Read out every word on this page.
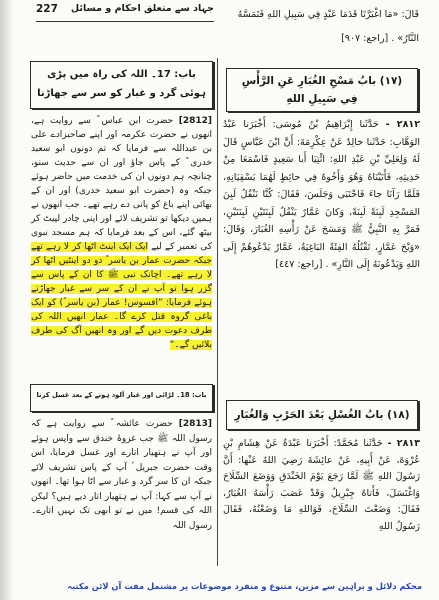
227	جہاد سے متعلق احکام و مسائل
قَالَ: «مَا اغْبَرَّتَا قَدَمَا عَبْدٍ فِي سَبِيلِ اللهِ فَتَمَسَّهُ
النَّارُ» . [راجع: ٩٠٧]
باب: 17۔ اللہ کی راہ میں پڑی ہوئی گرد و غبار کو سر سے جھاڑنا
[2812] حضرت ابن عباس ؓ سے روایت ہے، انھوں نے حضرت عکرمہ اور اپنے صاحبزادے علی بن عبداللہ سے فرمایا کہ تم دونوں ابو سعید خدری ؓ کے پاس جاؤ اور ان سے حدیث سنو، چنانچہ ہم دونوں ان کی خدمت میں حاضر ہوئے جبکہ وہ (حضرت ابو سعید خدری) اور ان کے بھائی اپنے باغ کو پانی دے رہے تھے۔ جب انھوں نے ہمیں دیکھا تو تشریف لائے اور اپنی چادر لپیٹ کر بیٹھ گئے، اس کے بعد فرمایا کہ ہم مسجد نبوی کی تعمیر کے لیے ایک ایک اینٹ اٹھا کر لا رہے تھے جبکہ حضرت عمار بن یاسر ؓ دو دو اینٹیں اٹھا کر لا رہے تھے۔ اچانک نبی ﷺ کا ان کے پاس سے گزر ہوا تو آپ نے ان کے سر سے غبار جھاڑتے ہوئے فرمایا: ”افسوس! عمار (بن یاسر ؓ) کو ایک باغی گروہ قتل کرے گا۔ عمار انھیں اللہ کی طرف دعوت دیں گے اور وہ انھیں آگ کی طرف بلائیں گے۔“
باب: 18۔ لڑائی اور غبار آلود ہونے کے بعد غسل کرنا
[2813] حضرت عائشہ ؓ سے روایت ہے کہ رسول اللہ ﷺ جب غزوۂ خندق سے واپس ہوئے اور آپ نے ہتھیار اتارے اور غسل فرمایا، اس وقت حضرت جبریل ؑ آپ کے پاس تشریف لائے جبکہ ان کا سر گرد و غبار سے اٹا ہوا تھا۔ انھوں نے آپ سے کہا: آپ نے ہتھیار اتار دیے ہیں؟ لیکن اللہ کی قسم! میں نے تو ابھی تک نہیں اتارے۔ رسول اللہ
(١٧) بابُ مَسْحِ الغُبَارِ عَنِ الرَّأْسِ فِي سَبِيلِ اللهِ
٢٨١٢ - حَدَّثَنا إِبْرَاهِيمُ بْنُ مُوسَى: أَخْبَرَنا عَبْدُ الوَهَّابِ: حَدَّثَنا خالِدٌ عَنْ عِكْرِمَةَ: أَنَّ ابْنَ عَبَّاسٍ قَالَ لَهُ وَلِعَلِيِّ بْنِ عَبْدِ اللهِ: ائْتِيَا أَبا سَعِيدٍ فَاسْمَعَا مِنْ حَدِيثِهِ، فَأَتَيْنَاهُ وَهُوَ وَأَخُوهُ فِي حائِطٍ لَهُمَا يَسْقِيَانِهِ، فَلَمَّا رَآنَا جاءَ فَاحْتَبَى وَجَلَسَ، فَقَالَ: كُنَّا نَنْقُلُ لَبِنَ المَسْجِدِ لَبِنَةً لَبِنَةً، وَكانَ عَمَّارٌ يَنْقُلُ لَبِنَتَيْنِ لَبِنَتَيْنِ، فَمَرَّ بِهِ النَّبِيُّ ﷺ وَمَسَحَ عَنْ رَأْسِهِ الغُبَارَ، وَقَالَ: «وَيْحَ عَمَّارٍ، تَقْتُلُهُ الفِئَةُ البَاغِيَةُ، عَمَّارٌ يَدْعُوهُمْ إِلَى اللهِ وَيَدْعُونَهُ إِلَى النَّارِ» . [راجع: ٤٤٧]
(١٨) بابُ الغُسْلِ بَعْدَ الحَرْبِ وَالغُبَارِ
٢٨١٣ - حَدَّثَنا مُحَمَّدٌ: أَخْبَرَنا عَبْدَةُ عَنْ هِشَامِ بْنِ عُرْوَةَ، عَنْ أَبِيهِ، عَنْ عائِشَةَ رَضِيَ اللهُ عَنْها: أَنَّ رَسُولَ اللهِ ﷺ لَمَّا رَجَعَ يَوْمَ الخَنْدَقِ وَوَضَعَ السِّلَاحَ وَاغْتَسَلَ، فَأَتاهُ جِبْرِيلُ وَقَدْ عَصَبَ رَأْسَهُ الغُبَارُ، فَقَالَ: وَضَعْتَ السِّلَاحَ، فَوَاللهِ مَا وَضَعْتُهُ، فَقَالَ رَسُولُ اللهِ
محکم دلائل و براہین سے مزین، متنوع و منفرد موضوعات پر مشتمل مفت آن لائن مکتبہ
